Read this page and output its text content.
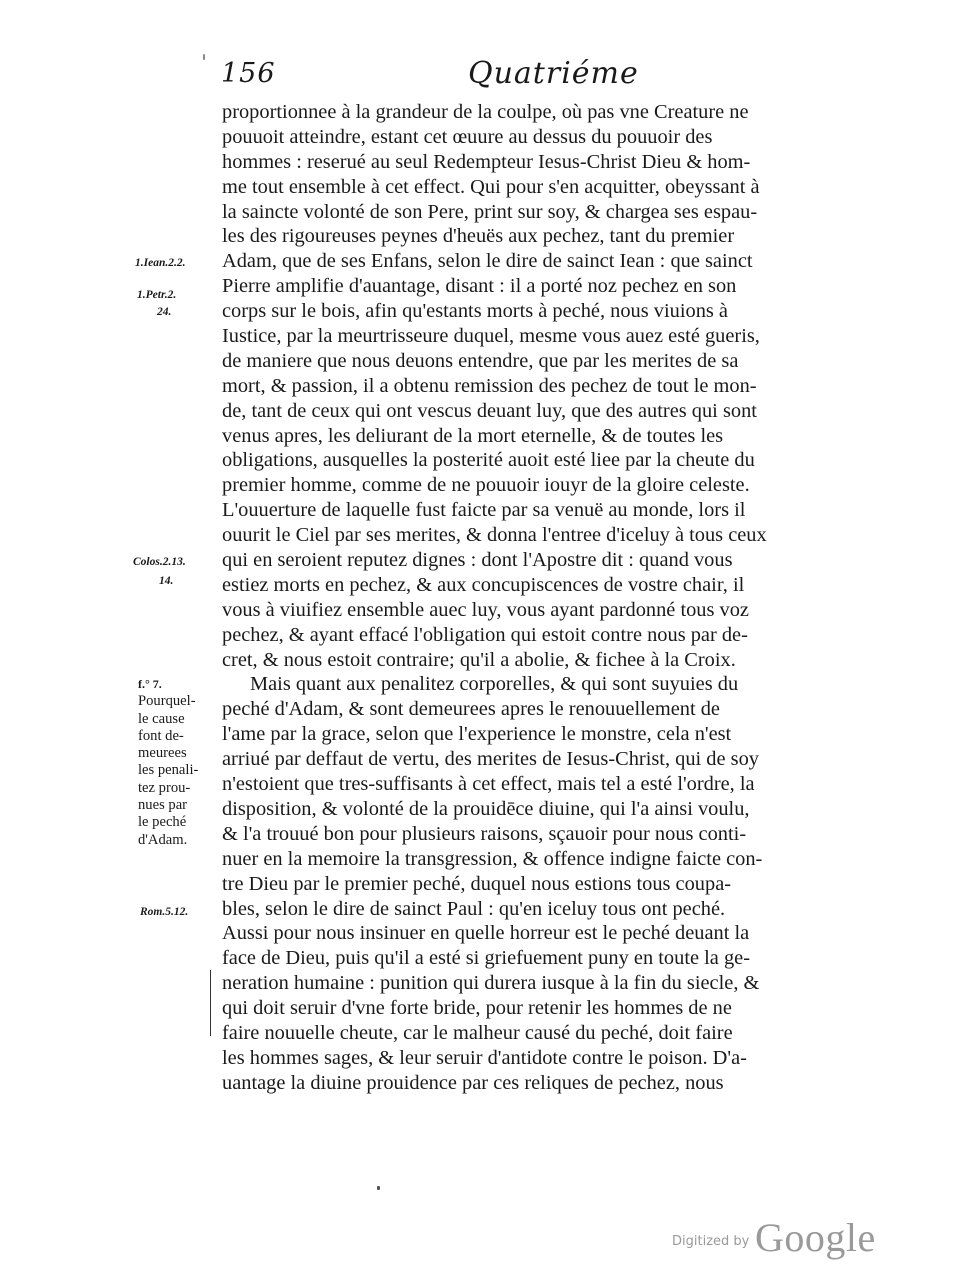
156	Quatriéme
1.Iean.2.2.
1.Petr.2.
24.
Colos.2.13.
14.
Rom.5.12.
f.° 7.
Pourquel-
le cause
font de-
meurees
les penali-
tez prou-
nues par
le peché
d'Adam.
proportionnee à la grandeur de la coulpe, où pas vne Creature ne
pouuoit atteindre, estant cet œuure au dessus du pouuoir des
hommes : reserué au seul Redempteur Iesus-Christ Dieu & hom-
me tout ensemble à cet effect. Qui pour s'en acquitter, obeyssant à
la saincte volonté de son Pere, print sur soy, & chargea ses espau-
les des rigoureuses peynes d'heuës aux pechez, tant du premier
Adam, que de ses Enfans, selon le dire de sainct Iean : que sainct
Pierre amplifie d'auantage, disant : il a porté noz pechez en son
corps sur le bois, afin qu'estants morts à peché, nous viuions à
Iustice, par la meurtrisseure duquel, mesme vous auez esté gueris,
de maniere que nous deuons entendre, que par les merites de sa
mort, & passion, il a obtenu remission des pechez de tout le mon-
de, tant de ceux qui ont vescus deuant luy, que des autres qui sont
venus apres, les deliurant de la mort eternelle, & de toutes les
obligations, ausquelles la posterité auoit esté liee par la cheute du
premier homme, comme de ne pouuoir iouyr de la gloire celeste.
L'ouuerture de laquelle fust faicte par sa venuë au monde, lors il
ouurit le Ciel par ses merites, & donna l'entree d'iceluy à tous ceux
qui en seroient reputez dignes : dont l'Apostre dit : quand vous
estiez morts en pechez, & aux concupiscences de vostre chair, il
vous à viuifiez ensemble auec luy, vous ayant pardonné tous voz
pechez, & ayant effacé l'obligation qui estoit contre nous par de-
cret, & nous estoit contraire; qu'il a abolie, & fichee à la Croix.
Mais quant aux penalitez corporelles, & qui sont suyuies du
peché d'Adam, & sont demeurees apres le renouuellement de
l'ame par la grace, selon que l'experience le monstre, cela n'est
arriué par deffaut de vertu, des merites de Iesus-Christ, qui de soy
n'estoient que tres-suffisants à cet effect, mais tel a esté l'ordre, la
disposition, & volonté de la prouidēce diuine, qui l'a ainsi voulu,
& l'a trouué bon pour plusieurs raisons, sçauoir pour nous conti-
nuer en la memoire la transgression, & offence indigne faicte con-
tre Dieu par le premier peché, duquel nous estions tous coupa-
bles, selon le dire de sainct Paul : qu'en iceluy tous ont peché.
Aussi pour nous insinuer en quelle horreur est le peché deuant la
face de Dieu, puis qu'il a esté si griefuement puny en toute la ge-
neration humaine : punition qui durera iusque à la fin du siecle, &
qui doit seruir d'vne forte bride, pour retenir les hommes de ne
faire nouuelle cheute, car le malheur causé du peché, doit faire
les hommes sages, & leur seruir d'antidote contre le poison. D'a-
uantage la diuine prouidence par ces reliques de pechez, nous
Digitized by Google
